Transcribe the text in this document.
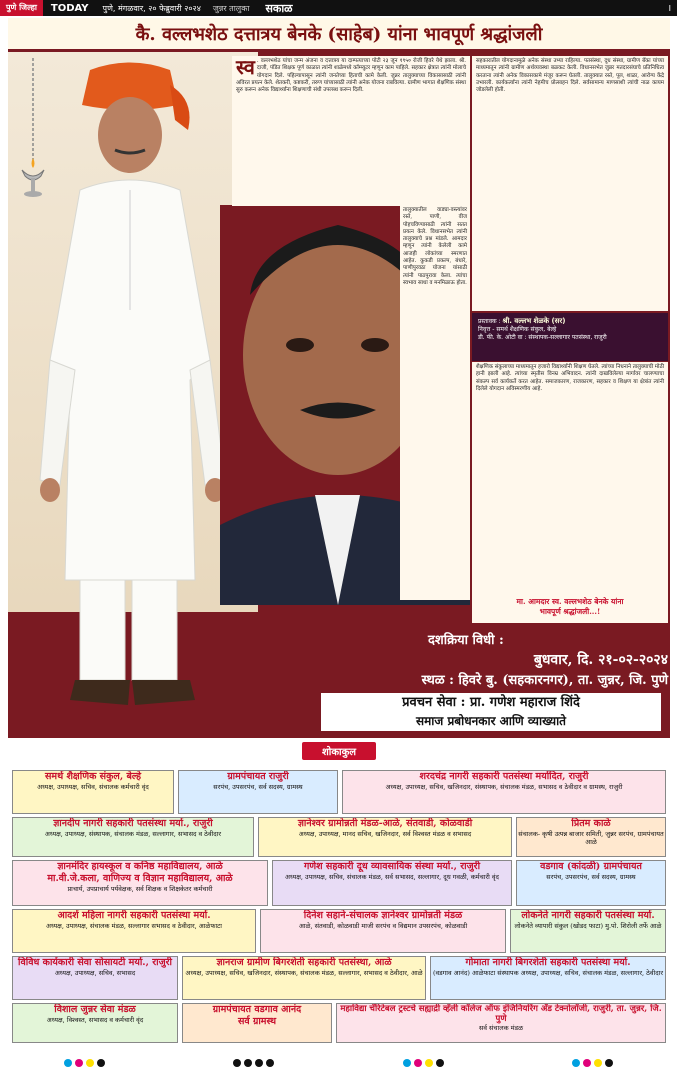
पुणे जिल्हा	TODAY	पुणे, मंगळवार, २० फेब्रुवारी २०२४	जुन्नर तालुका	सकाळ	I
कै. वल्लभशेठ दत्तात्रय बेनके (साहेब) यांना भावपूर्ण श्रद्धांजली
स्व . वल्लभशेठ यांचा जन्म अंजना व दत्तात्रय या दाम्पत्याच्या पोटी २३ जून १९५० रोजी हिवरे येथे झाला. श्री. दाजी, पंडित शिक्षक पूर्ण काळात त्यांनी शाळेमध्ये कॉम्प्युटर म्हणून काम पाहिले. सहकार क्षेत्रात त्यांनी मोलाचे योगदान दिले. पहिल्यापासून त्यांनी जनतेच्या हिताची कामे केली. जुन्नर तालुक्याच्या विकासासाठी त्यांनी अविरत प्रयत्न केले. शेतकरी, कष्टकरी, तरुण यांच्यासाठी त्यांनी अनेक योजना राबविल्या. ग्रामीण भागात शैक्षणिक संस्था सुरु करून अनेक विद्यार्थ्यांना शिक्षणाची संधी उपलब्ध करून दिली.
तालुक्यातील वाड्या-वस्त्यांवर रस्ते, पाणी, वीज पोहचविण्यासाठी त्यांनी सतत प्रयत्न केले. विधानसभेत त्यांनी तालुक्याचे प्रश्न मांडले. आमदार म्हणून त्यांनी केलेली कामे आजही लोकांच्या स्मरणात आहेत. कुकडी प्रकल्प, बंधारे, पाणीपुरवठा योजना यांसाठी त्यांनी पाठपुरावा केला. त्यांचा स्वभाव साधा व मनमिळाऊ होता.
सहकारातील योगदानामुळे अनेक संस्था उभ्या राहिल्या. पतसंस्था, दूध संस्था, ग्रामीण बँका यांच्या माध्यमातून त्यांनी ग्रामीण अर्थव्यवस्था बळकट केली. विधानसभेत जुन्नर मतदारसंघाचे प्रतिनिधित्व करताना त्यांनी अनेक विकासकामे मंजूर करून घेतली. तालुक्यात रस्ते, पूल, शाळा, आरोग्य केंद्रे उभारली. कार्यकर्त्यांना त्यांनी नेहमीच प्रोत्साहन दिले. सर्वसामान्य माणसाशी त्यांची नाळ कायम जोडलेली होती.
प्रस्तावक : श्री. वल्लभ शेळके (सर)
निवृत्त - समर्थ शैक्षणिक संकुल, बेल्हे
डी. फी. के. ओटी वा : संस्थापक-सल्लागार पतसंस्था, राजुरी
शैक्षणिक संकुलाच्या माध्यमातून हजारो विद्यार्थ्यांनी शिक्षण घेतले. त्यांच्या निधनाने तालुक्याची मोठी हानी झाली आहे. त्यांच्या स्मृतीस विनम्र अभिवादन. त्यांनी दाखविलेल्या मार्गावर चालण्याचा संकल्प सर्व कार्यकर्ते करत आहेत. समाजकारण, राजकारण, सहकार व शिक्षण या क्षेत्रांत त्यांनी दिलेले योगदान अविस्मरणीय आहे.
मा. आमदार स्व. वल्लभशेठ बेनके यांना
भावपूर्ण श्रद्धांजली...!
दशक्रिया विधी :
बुधवार, दि. २१-०२-२०२४
स्थळ : हिवरे बु. (सहकारनगर), ता. जुन्नर, जि. पुणे
प्रवचन सेवा : प्रा. गणेश महाराज शिंदे
समाज प्रबोधनकार आणि व्याख्याते
शोकाकुल
समर्थ शैक्षणिक संकुल, बेल्हे
अध्यक्ष, उपाध्यक्ष, सचिव, संचालक कर्मचारी वृंद
ग्रामपंचायत राजुरी
सरपंच, उपसरपंच, सर्व सदस्य, ग्रामस्थ
शरदचंद्र नागरी सहकारी पतसंस्था मर्यादित, राजुरी
अध्यक्ष, उपाध्यक्ष, सचिव, खजिनदार, संस्थापक, संचालक मंडळ, सभासद व ठेवीदार व ग्रामस्थ, राजुरी
ज्ञानदीप नागरी सहकारी पतसंस्था मर्या., राजुरी
अध्यक्ष, उपाध्यक्ष, संस्थापक, संचालक मंडळ, सल्लागार, सभासद व ठेवीदार
ज्ञानेश्वर ग्रामोन्नती मंडळ-आळे, संतवाडी, कोळवाडी
अध्यक्ष, उपाध्यक्ष, मानद सचिव, खजिनदार, सर्व विश्वस्त मंडळ व सभासद
प्रितम काळे
संचालक- कृषी उत्पन्न बाजार समिती, जुन्नर सरपंच, ग्रामपंचायत आळे
ज्ञानमंदिर हायस्कूल व कनिष्ठ महाविद्यालय, आळे
मा.वी.जे.कला, वाणिज्य व विज्ञान महाविद्यालय, आळे
प्राचार्य, उपप्राचार्य पर्यवेक्षक, सर्व शिक्षक व शिक्षकेतर कर्मचारी
गणेश सहकारी दूध व्यावसायिक संस्था मर्या., राजुरी
अध्यक्ष, उपाध्यक्ष, सचिव, संचालक मंडळ, सर्व सभासद, सल्लागार, दूध गवळी, कर्मचारी वृंद
वडगाव (कांदळी) ग्रामपंचायत
सरपंच, उपसरपंच, सर्व सदस्य, ग्रामस्थ
आदर्श महिला नागरी सहकारी पतसंस्था मर्या.
अध्यक्ष, उपाध्यक्ष, संचालक मंडळ, सल्लागार सभासद व ठेवीदार, आळेफाटा
दिनेश सहाने-संचालक ज्ञानेश्वर ग्रामोन्नती मंडळ
आळे, संतवाडी, कोळवाडी माजी सरपंच व विद्यमान उपसरपंच, कोळवाडी
लोकनेते नागरी सहकारी पतसंस्था मर्या.
लोकनेते व्यापारी संकुल (खोडद फाटा) मु.पो. शिरोली तर्फे आळे
विविध कार्यकारी सेवा सोसायटी मर्या., राजुरी
अध्यक्ष, उपाध्यक्ष, सचिव, सभासद
ज्ञानराज ग्रामीण बिगरशेती सहकारी पतसंस्था, आळे
अध्यक्ष, उपाध्यक्ष, सचिव, खजिनदार, संस्थापक, संचालक मंडळ, सल्लागार, सभासद व ठेवीदार, आळे
गोमाता नागरी बिगरशेती सहकारी पतसंस्था मर्या.
(वडगाव आनंद) आळेफाटा संस्थापक अध्यक्ष, उपाध्यक्ष, सचिव, संचालक मंडळ, सल्लागार, ठेवीदार
विशाल जुन्नर सेवा मंडळ
अध्यक्ष, विश्वस्त, सभासद व कर्मचारी वृंद
ग्रामपंचायत वडगाव आनंद
सर्व ग्रामस्थ
महाविद्या चॅरिटेबल ट्रस्टचे सह्याद्री व्हॅली कॉलेज ऑफ इंजिनियरिंग अँड टेक्नोलॉजी, राजुरी, ता. जुन्नर, जि. पुणे
सर्व संचालक मंडळ
